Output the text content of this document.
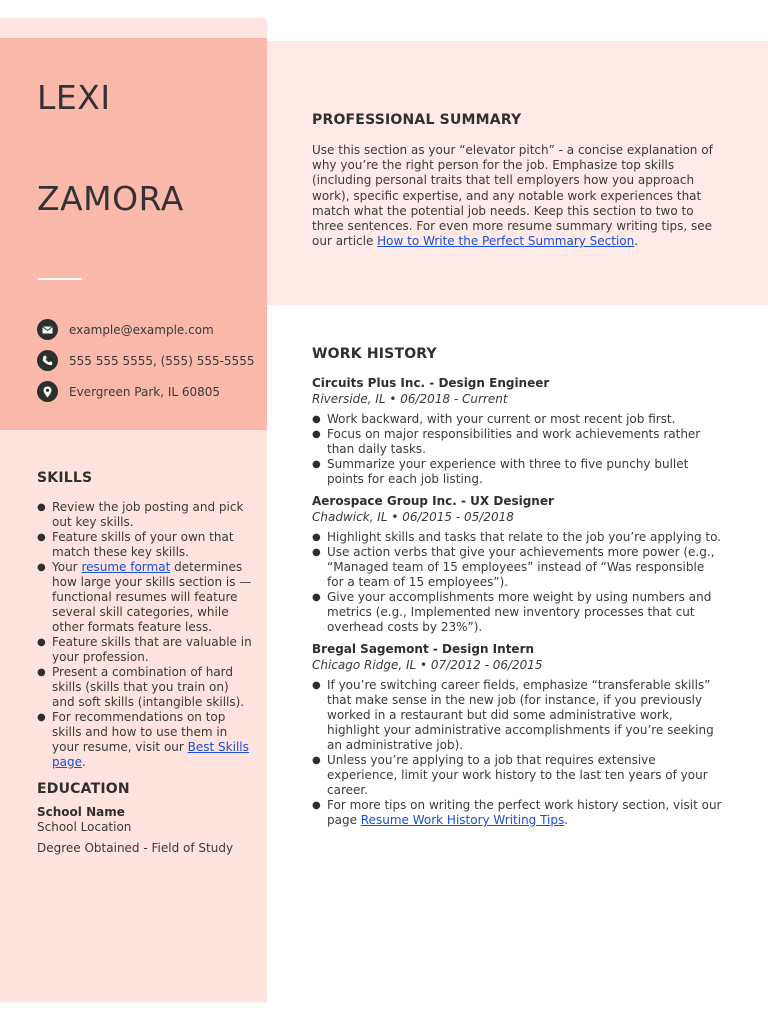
LEXI
ZAMORA
example@example.com
555 555 5555, (555) 555-5555
Evergreen Park, IL 60805
SKILLS
● Review the job posting and pick out key skills.
● Feature skills of your own that match these key skills.
● Your resume format determines how large your skills section is — functional resumes will feature several skill categories, while other formats feature less.
● Feature skills that are valuable in your profession.
● Present a combination of hard skills (skills that you train on) and soft skills (intangible skills).
● For recommendations on top skills and how to use them in your resume, visit our Best Skills page.
EDUCATION
School Name
School Location
Degree Obtained - Field of Study
PROFESSIONAL SUMMARY
Use this section as your “elevator pitch” - a concise explanation of why you’re the right person for the job. Emphasize top skills (including personal traits that tell employers how you approach work), specific expertise, and any notable work experiences that match what the potential job needs. Keep this section to two to three sentences. For even more resume summary writing tips, see our article How to Write the Perfect Summary Section.
WORK HISTORY
Circuits Plus Inc. - Design Engineer
Riverside, IL • 06/2018 - Current
● Work backward, with your current or most recent job first.
● Focus on major responsibilities and work achievements rather than daily tasks.
● Summarize your experience with three to five punchy bullet points for each job listing.
Aerospace Group Inc. - UX Designer
Chadwick, IL • 06/2015 - 05/2018
● Highlight skills and tasks that relate to the job you’re applying to.
● Use action verbs that give your achievements more power (e.g., “Managed team of 15 employees” instead of “Was responsible for a team of 15 employees”).
● Give your accomplishments more weight by using numbers and metrics (e.g., Implemented new inventory processes that cut overhead costs by 23%”).
Bregal Sagemont - Design Intern
Chicago Ridge, IL • 07/2012 - 06/2015
● If you’re switching career fields, emphasize “transferable skills” that make sense in the new job (for instance, if you previously worked in a restaurant but did some administrative work, highlight your administrative accomplishments if you’re seeking an administrative job).
● Unless you’re applying to a job that requires extensive experience, limit your work history to the last ten years of your career.
● For more tips on writing the perfect work history section, visit our page Resume Work History Writing Tips.
